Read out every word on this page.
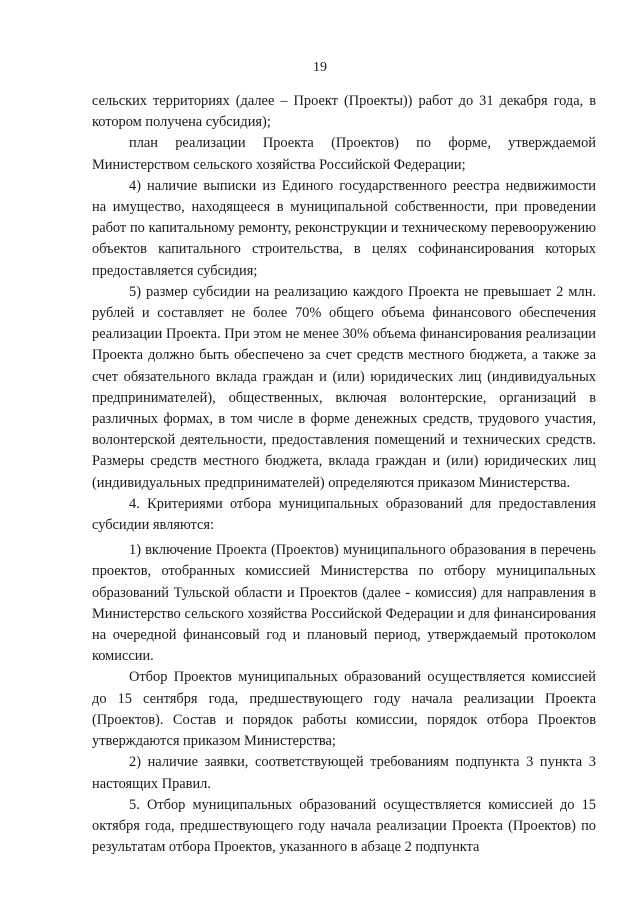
19

сельских территориях (далее – Проект (Проекты)) работ до 31 декабря года, в котором получена субсидия);

план реализации Проекта (Проектов) по форме, утверждаемой Министерством сельского хозяйства Российской Федерации;

4) наличие выписки из Единого государственного реестра недвижимости на имущество, находящееся в муниципальной собственности, при проведении работ по капитальному ремонту, реконструкции и техническому перевооружению объектов капитального строительства, в целях софинансирования которых предоставляется субсидия;

5) размер субсидии на реализацию каждого Проекта не превышает 2 млн. рублей и составляет не более 70% общего объема финансового обеспечения реализации Проекта. При этом не менее 30% объема финансирования реализации Проекта должно быть обеспечено за счет средств местного бюджета, а также за счет обязательного вклада граждан и (или) юридических лиц (индивидуальных предпринимателей), общественных, включая волонтерские, организаций в различных формах, в том числе в форме денежных средств, трудового участия, волонтерской деятельности, предоставления помещений и технических средств. Размеры средств местного бюджета, вклада граждан и (или) юридических лиц (индивидуальных предпринимателей) определяются приказом Министерства.

4. Критериями отбора муниципальных образований для предоставления субсидии являются:

1) включение Проекта (Проектов) муниципального образования в перечень проектов, отобранных комиссией Министерства по отбору муниципальных образований Тульской области и Проектов (далее - комиссия) для направления в Министерство сельского хозяйства Российской Федерации и для финансирования на очередной финансовый год и плановый период, утверждаемый протоколом комиссии.

Отбор Проектов муниципальных образований осуществляется комиссией до 15 сентября года, предшествующего году начала реализации Проекта (Проектов). Состав и порядок работы комиссии, порядок отбора Проектов утверждаются приказом Министерства;

2) наличие заявки, соответствующей требованиям подпункта 3 пункта 3 настоящих Правил.

5. Отбор муниципальных образований осуществляется комиссией до 15 октября года, предшествующего году начала реализации Проекта (Проектов) по результатам отбора Проектов, указанного в абзаце 2 подпункта
